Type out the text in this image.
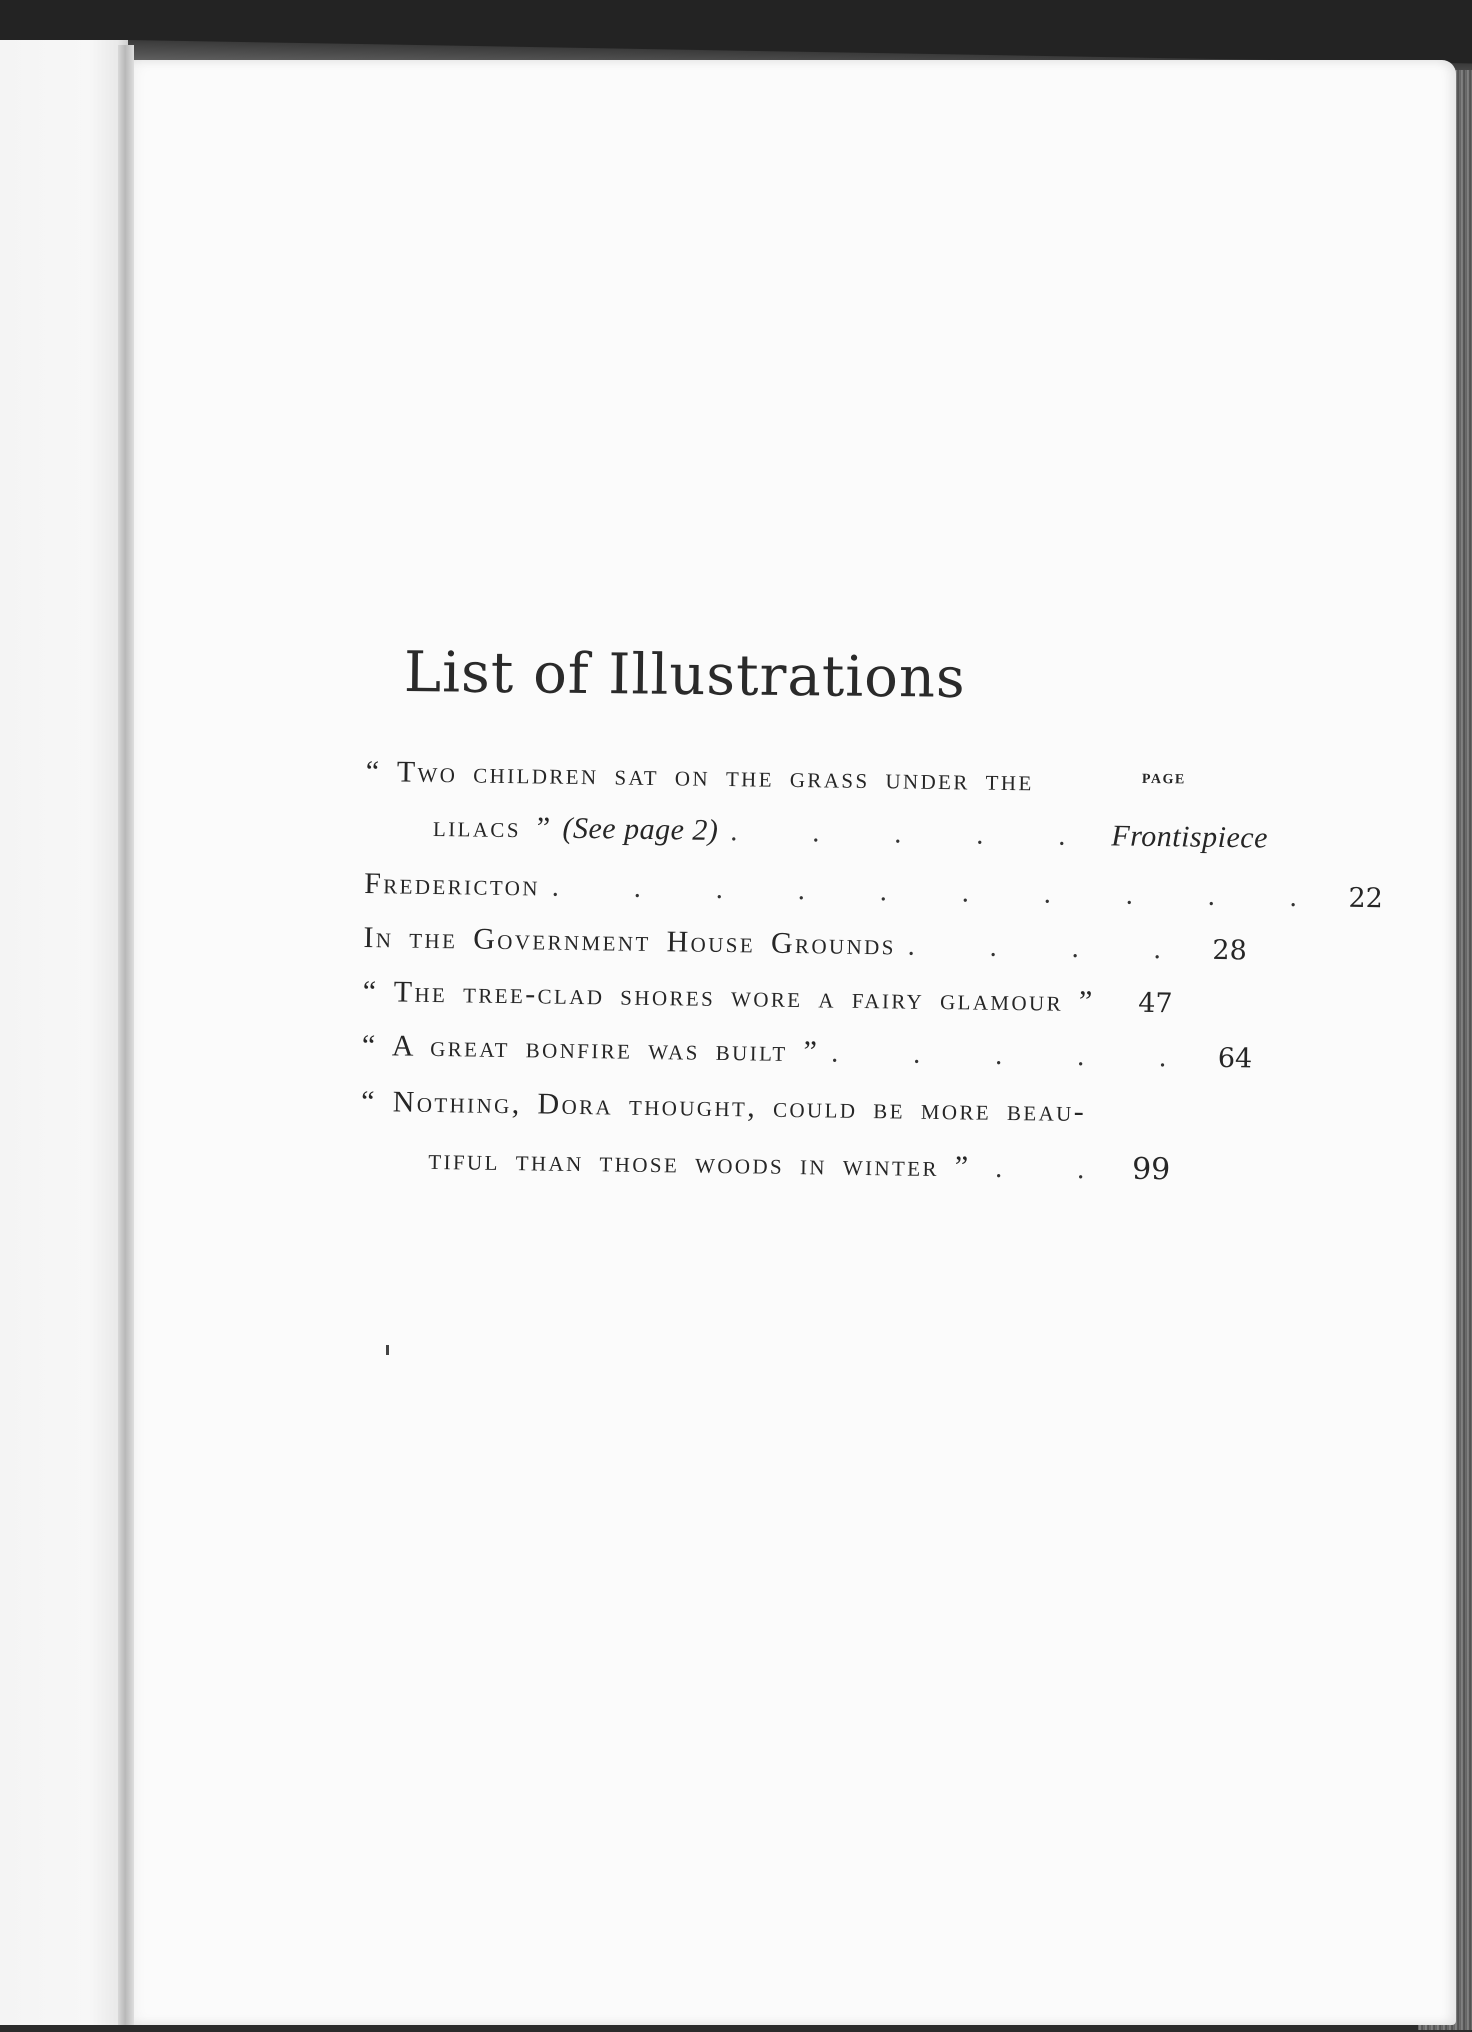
List of Illustrations
PAGE
“ Two children sat on the grass under the
lilacs ” (See page 2) . . . . . Frontispiece
Fredericton . . . . . . . . . . 22
In the Government House Grounds . . . . 28
“ The tree-clad shores wore a fairy glamour ” 47
“ A great bonfire was built ” . . . . . 64
“ Nothing, Dora thought, could be more beau-
tiful than those woods in winter ” . . 99
